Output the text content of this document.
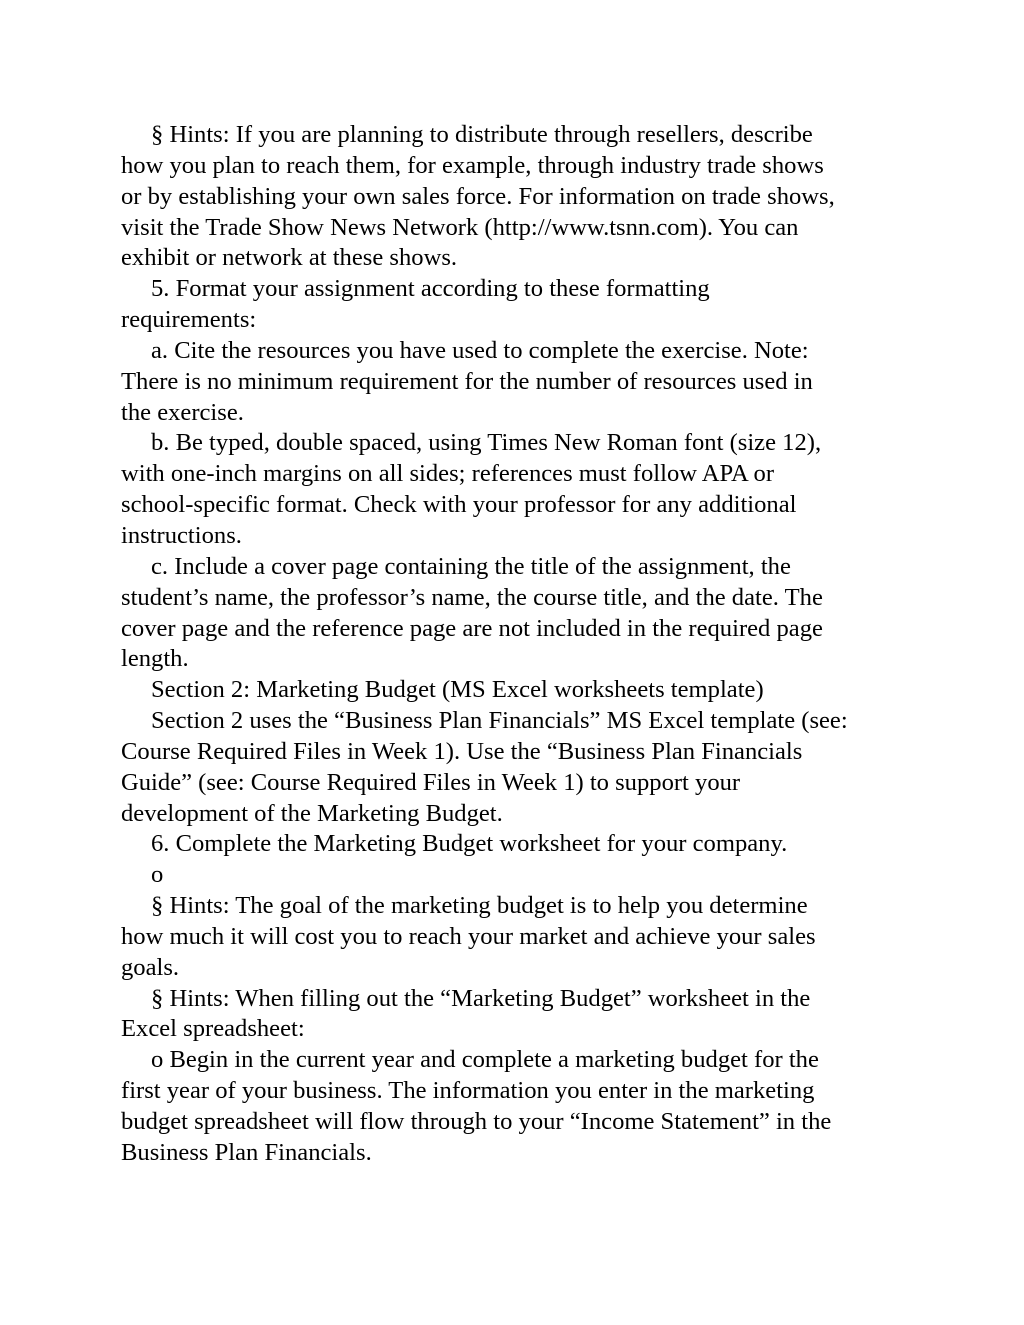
§ Hints: If you are planning to distribute through resellers, describe
how you plan to reach them, for example, through industry trade shows
or by establishing your own sales force. For information on trade shows,
visit the Trade Show News Network (http://www.tsnn.com). You can
exhibit or network at these shows.

5. Format your assignment according to these formatting
requirements:

a. Cite the resources you have used to complete the exercise. Note:
There is no minimum requirement for the number of resources used in
the exercise.

b. Be typed, double spaced, using Times New Roman font (size 12),
with one-inch margins on all sides; references must follow APA or
school-specific format. Check with your professor for any additional
instructions.

c. Include a cover page containing the title of the assignment, the
student’s name, the professor’s name, the course title, and the date. The
cover page and the reference page are not included in the required page
length.

Section 2: Marketing Budget (MS Excel worksheets template)

Section 2 uses the “Business Plan Financials” MS Excel template (see:
Course Required Files in Week 1). Use the “Business Plan Financials
Guide” (see: Course Required Files in Week 1) to support your
development of the Marketing Budget.

6. Complete the Marketing Budget worksheet for your company.

o

§ Hints: The goal of the marketing budget is to help you determine
how much it will cost you to reach your market and achieve your sales
goals.

§ Hints: When filling out the “Marketing Budget” worksheet in the
Excel spreadsheet:

o Begin in the current year and complete a marketing budget for the
first year of your business. The information you enter in the marketing
budget spreadsheet will flow through to your “Income Statement” in the
Business Plan Financials.
